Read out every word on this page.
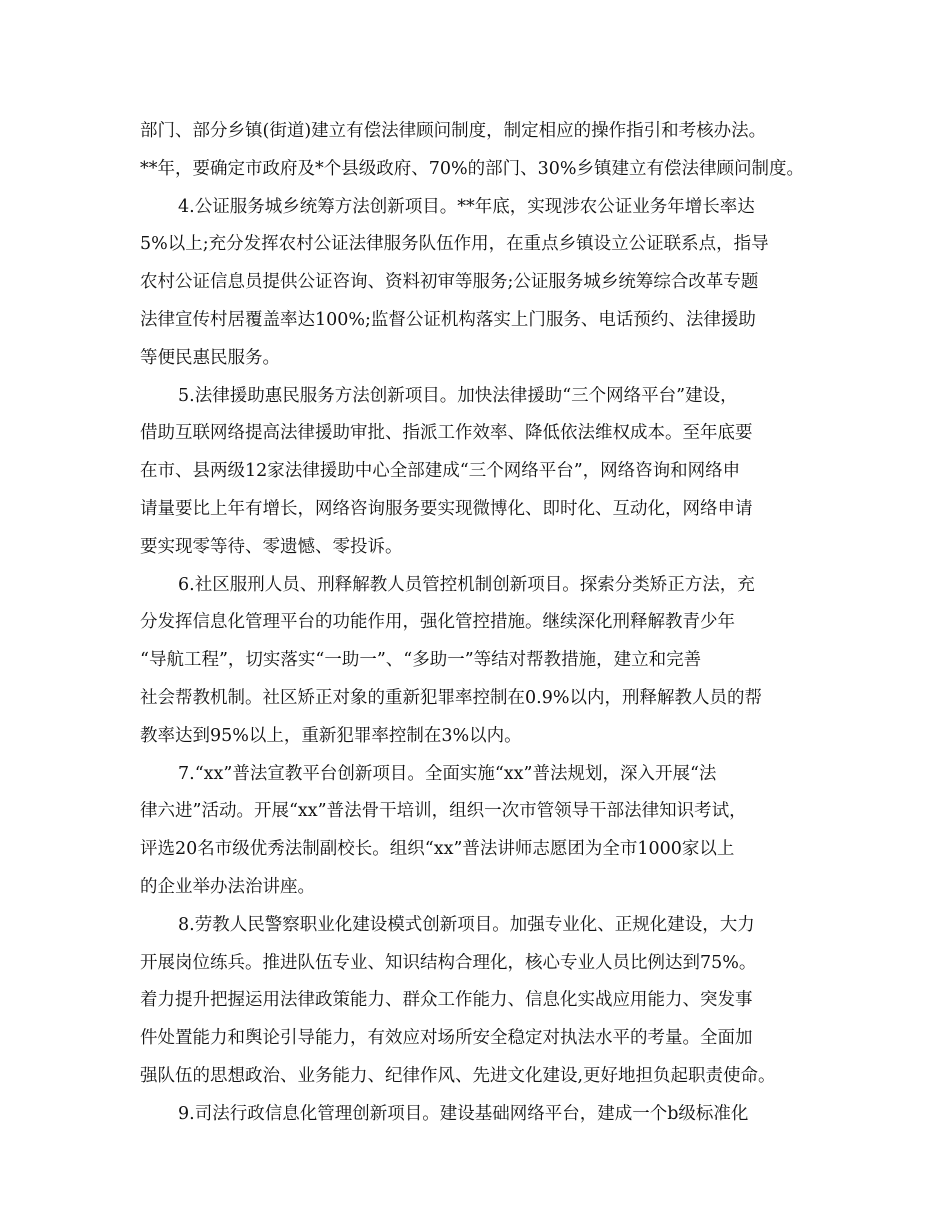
部门、部分乡镇(街道)建立有偿法律顾问制度，制定相应的操作指引和考核办法。
**年，要确定市政府及*个县级政府、70%的部门、30%乡镇建立有偿法律顾问制度。
4.公证服务城乡统筹方法创新项目。**年底，实现涉农公证业务年增长率达
5%以上;充分发挥农村公证法律服务队伍作用，在重点乡镇设立公证联系点，指导
农村公证信息员提供公证咨询、资料初审等服务;公证服务城乡统筹综合改革专题
法律宣传村居覆盖率达100%;监督公证机构落实上门服务、电话预约、法律援助
等便民惠民服务。
5.法律援助惠民服务方法创新项目。加快法律援助“三个网络平台”建设，
借助互联网络提高法律援助审批、指派工作效率、降低依法维权成本。至年底要
在市、县两级12家法律援助中心全部建成“三个网络平台”，网络咨询和网络申
请量要比上年有增长，网络咨询服务要实现微博化、即时化、互动化，网络申请
要实现零等待、零遗憾、零投诉。
6.社区服刑人员、刑释解教人员管控机制创新项目。探索分类矫正方法，充
分发挥信息化管理平台的功能作用，强化管控措施。继续深化刑释解教青少年
“导航工程”，切实落实“一助一”、“多助一”等结对帮教措施，建立和完善
社会帮教机制。社区矫正对象的重新犯罪率控制在0.9%以内，刑释解教人员的帮
教率达到95%以上，重新犯罪率控制在3%以内。
7.“xx”普法宣教平台创新项目。全面实施“xx”普法规划，深入开展“法
律六进”活动。开展“xx”普法骨干培训，组织一次市管领导干部法律知识考试，
评选20名市级优秀法制副校长。组织“xx”普法讲师志愿团为全市1000家以上
的企业举办法治讲座。
8.劳教人民警察职业化建设模式创新项目。加强专业化、正规化建设，大力
开展岗位练兵。推进队伍专业、知识结构合理化，核心专业人员比例达到75%。
着力提升把握运用法律政策能力、群众工作能力、信息化实战应用能力、突发事
件处置能力和舆论引导能力，有效应对场所安全稳定对执法水平的考量。全面加
强队伍的思想政治、业务能力、纪律作风、先进文化建设,更好地担负起职责使命。
9.司法行政信息化管理创新项目。建设基础网络平台，建成一个b级标准化
